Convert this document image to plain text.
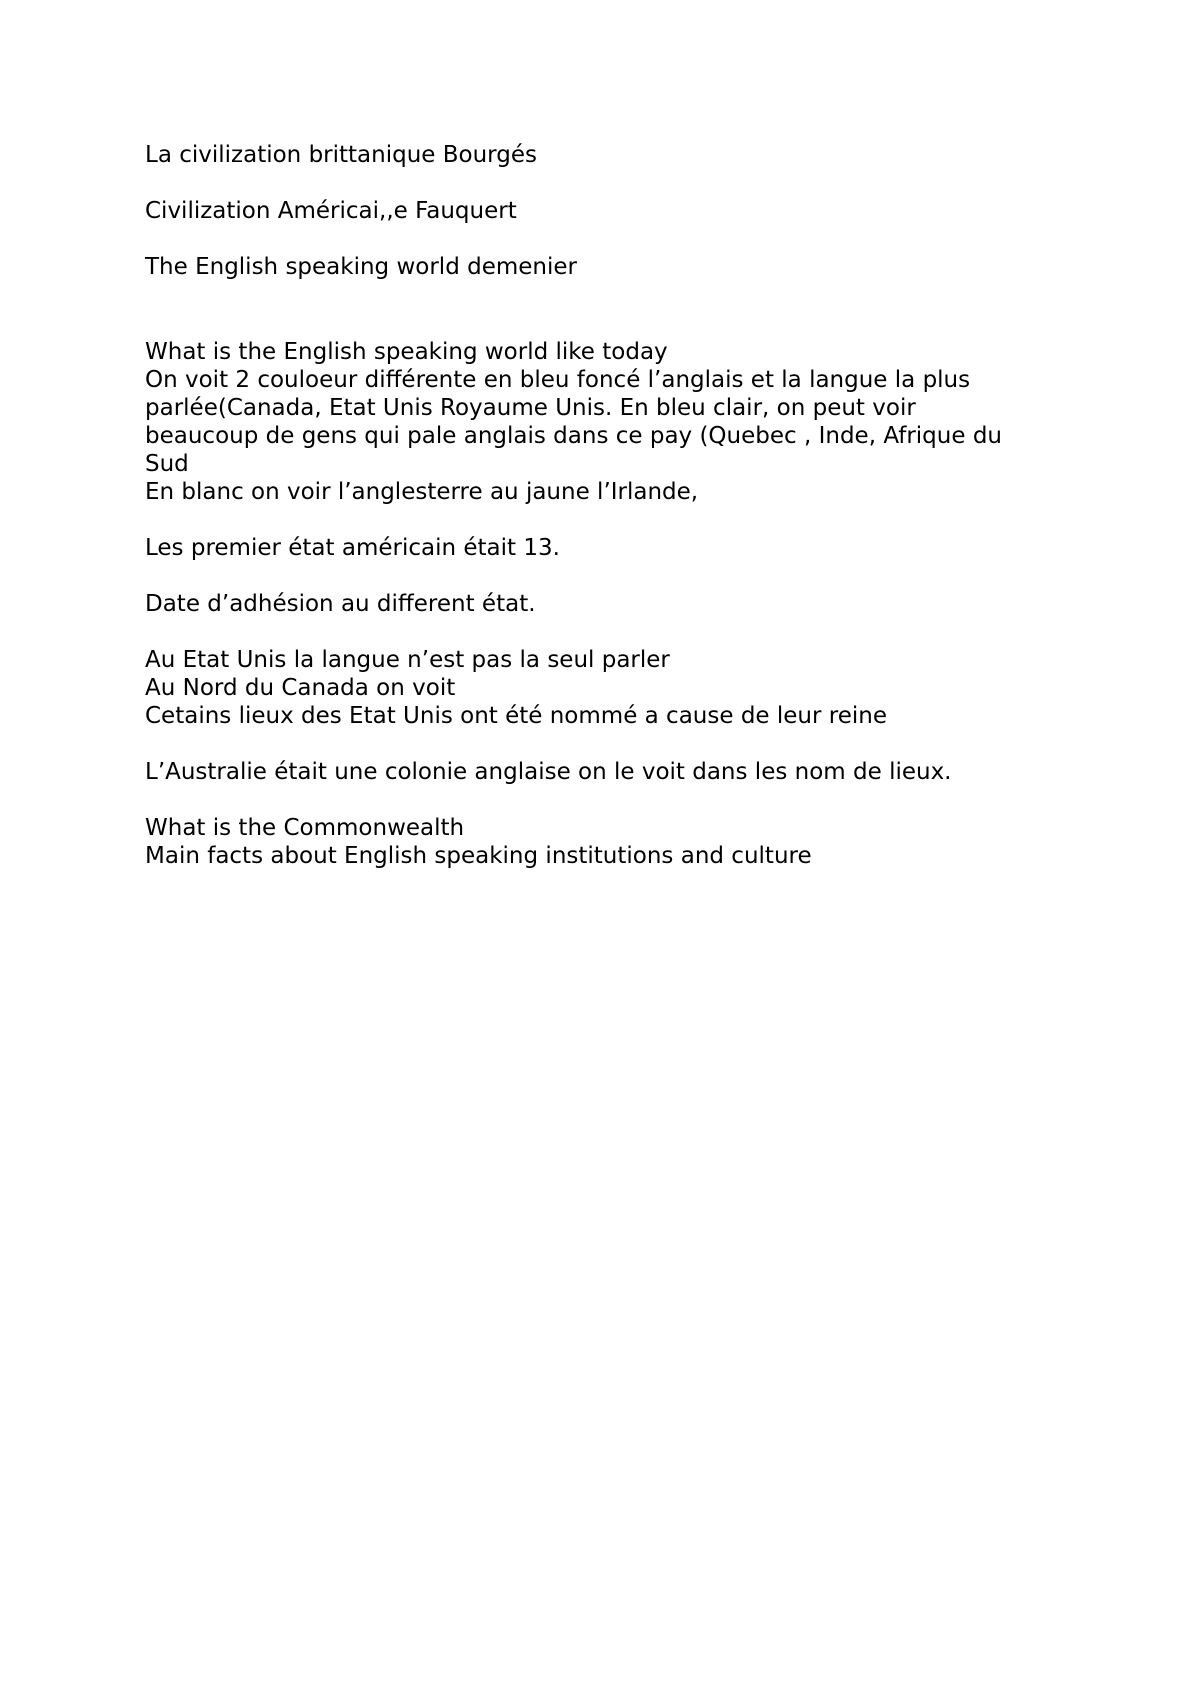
La civilization brittanique Bourgés
Civilization Américai,,e Fauquert
The English speaking world demenier
What is the English speaking world like today
On voit 2 couloeur différente en bleu foncé l’anglais et la langue la plus
parlée(Canada, Etat Unis Royaume Unis. En bleu clair, on peut voir
beaucoup de gens qui pale anglais dans ce pay (Quebec , Inde, Afrique du
Sud
En blanc on voir l’anglesterre au jaune l’Irlande,
Les premier état américain était 13.
Date d’adhésion au different état.
Au Etat Unis la langue n’est pas la seul parler
Au Nord du Canada on voit
Cetains lieux des Etat Unis ont été nommé a cause de leur reine
L’Australie était une colonie anglaise on le voit dans les nom de lieux.
What is the Commonwealth
Main facts about English speaking institutions and culture
